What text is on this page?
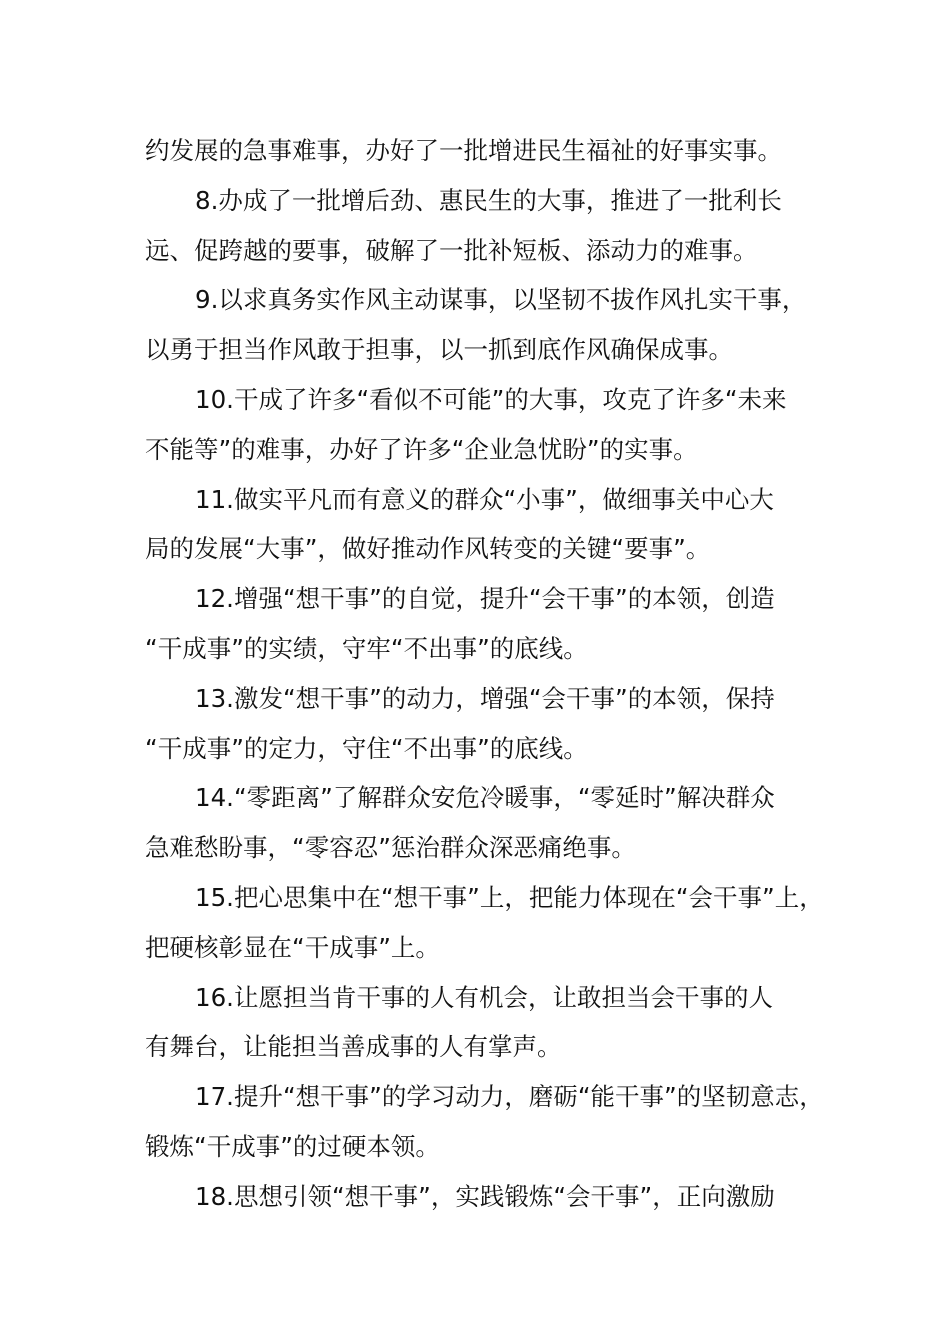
约发展的急事难事，办好了一批增进民生福祉的好事实事。
8.办成了一批增后劲、惠民生的大事，推进了一批利长
远、促跨越的要事，破解了一批补短板、添动力的难事。
9.以求真务实作风主动谋事，以坚韧不拔作风扎实干事，
以勇于担当作风敢于担事，以一抓到底作风确保成事。
10.干成了许多“看似不可能”的大事，攻克了许多“未来
不能等”的难事，办好了许多“企业急忧盼”的实事。
11.做实平凡而有意义的群众“小事”，做细事关中心大
局的发展“大事”，做好推动作风转变的关键“要事”。
12.增强“想干事”的自觉，提升“会干事”的本领，创造
“干成事”的实绩，守牢“不出事”的底线。
13.激发“想干事”的动力，增强“会干事”的本领，保持
“干成事”的定力，守住“不出事”的底线。
14.“零距离”了解群众安危冷暖事，“零延时”解决群众
急难愁盼事，“零容忍”惩治群众深恶痛绝事。
15.把心思集中在“想干事”上，把能力体现在“会干事”上，
把硬核彰显在“干成事”上。
16.让愿担当肯干事的人有机会，让敢担当会干事的人
有舞台，让能担当善成事的人有掌声。
17.提升“想干事”的学习动力，磨砺“能干事”的坚韧意志，
锻炼“干成事”的过硬本领。
18.思想引领“想干事”，实践锻炼“会干事”，正向激励
